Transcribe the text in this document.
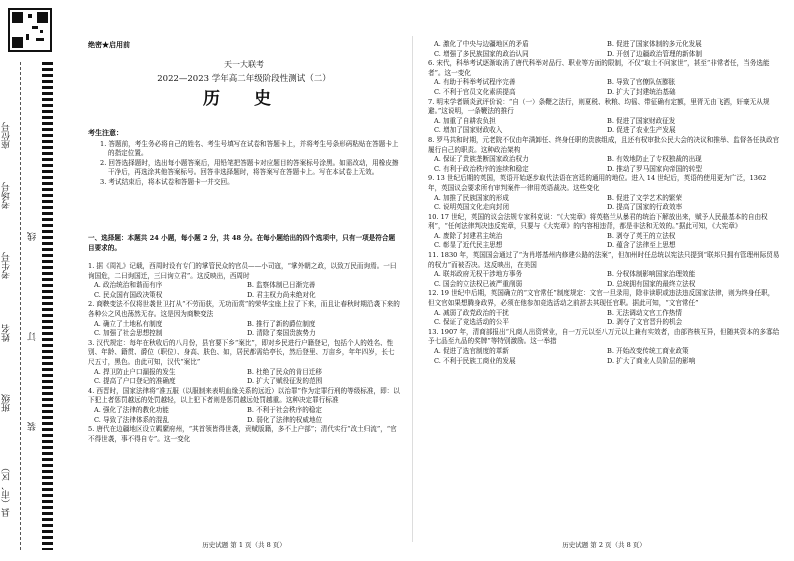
座位号
考场号
考生号
姓名
班级
县（市、区）
线
订
装
绝密★启用前
天一大联考
2022—2023 学年高二年级阶段性测试（二）
历 史
考生注意：
1. 答题前，考生务必将自己的姓名、考生号填写在试卷和答题卡上，并将考生号条形码粘贴在答题卡上的指定位置。
2. 回答选择题时，选出每小题答案后，用铅笔把答题卡对应题目的答案标号涂黑。如需改动，用橡皮擦干净后，再选涂其他答案标号。回答非选择题时，将答案写在答题卡上。写在本试卷上无效。
3. 考试结束后，将本试卷和答题卡一并交回。
一、选择题：本题共 24 小题，每小题 2 分，共 48 分。在每小题给出的四个选项中，只有一项是符合题目要求的。
1. 据《周礼》记载，西周时设有专门的掌管民众的官员——小司寇，“掌外朝之政，以致万民而询焉。一曰询国危，二曰询国迁，三曰询立君”。这反映出，西周时
A. 政治统治和谐而有序	B. 监察体制已日渐完善
C. 民众国有国政决策权	D. 君主权力尚未绝对化
2. 商鞅变法不仅将世袭世卫打从“不劳而获，无功而赏”的荣华宝座上拉了下来，而且让春秋时期沿袭下来的各种公之风也荡然无存。这是因为商鞅变法
A. 确立了土地私有制度	B. 推行了新的爵位制度
C. 加强了社会思想控制	D. 清除了秦国贵族势力
3. 汉代规定：每年在秋收后的八月份，县官要下乡“案比”，即对乡民进行户籍登记，包括个人的姓名、性别、年龄、籍贯、爵位（职位）、身高、肤色、如，居民都需给亭长，然后登里、万亩乡，年年四岁，长七尺五寸，黑色。由此可知，汉代“案比”
A. 捍卫防止户口漏报的发生	B. 杜绝了民众的肯目迁移
C. 提高了户口登记的准确度	D. 扩大了赋役征发的范围
4. 西晋时，国家法律将“准五服（以服制来表明血缘关系的远近）以治罪”作为定罪行刑的等级标准，即：以下犯上者惩罚越远的处罚越轻，以上犯下者则是惩罚越远处罚越重。这种决定罪行标准
A. 强化了法律的教化功能	B. 不利于社会秩序的稳定
C. 导致了法律体系的混乱	D. 弱化了法律的权威地位
5. 唐代在边疆地区设立羁縻府州，“其首领皆得世袭，贡赋版籍，多不上户部”；清代实行“改土归流”，“官不得世袭，事不得自专”。这一变化
历史试题 第 1 页（共 8 页）
A. 激化了中央与边疆地区的矛盾	B. 促进了国家体制的多元化发展
C. 增强了多民族国家的政治认同	D. 开创了边疆政治管理的新体制
6. 宋代，科举考试逐渐取消了唐代科举对品行、职业等方面的限制，不仅“取士不问家世”，甚至“非常者任，当务选能者”。这一变化
A. 有助于科举考试程序完善	B. 导致了官僚队伍膨胀
C. 不利于官员文化素质提高	D. 扩大了封建统治基础
7. 明末学者顾炎武评价说：“自（一）条鞭之法行，则夏税、秋粮、均徭、带征确有定额，里胥无由飞洒，奸豪无从规避。”这说明，一条鞭法的推行
A. 加重了自耕农负担	B. 促进了国家财政征发
C. 增加了国家财政收入	D. 促进了农业生产发展
8. 罗马共和时期，元老院不仅由年满卸任、终身任职的贵族组成，且还有权审批公民大会的决议和推举、监督各任执政官履行自己的职责。这种政治架构
A. 保证了贵族垄断国家政治权力	B. 有效地防止了专权独裁的出现
C. 有利于政治秩序的连续和稳定	D. 推动了罗马国家向帝国的转型
9. 13 世纪后期的英国，英语开始逐步取代法语在宫廷的通用的地位。进入 14 世纪后，英语的使用更为广泛，1362 年，英国议会要求所有审判案件一律用英语裁决。这些变化
A. 加推了民族国家的形成	B. 促进了文学艺术的繁荣
C. 说明英国文化走向封闭	D. 提高了国家的行政效率
10. 17 世纪，英国的议会法规专家科克说：“《大宪章》将英格兰从暴君的统治下解放出来，赋予人民最基本的自由权利”，“任何法律判决违反宪章，只要与《大宪章》的内容相违背，都是非法和无效的。”据此可知，《大宪章》
A. 废除了封建君主统治	B. 剥夺了英王的立法权
C. 彰显了近代民主思想	D. 蕴含了法律至上思想
11. 1830 年，英国国会通过了“为肖塔基州内修建公路的法案”，但加州时任总统以宪法只提到“联邦只拥有管理州际贸易的权力”而被否决。这反映出，在美国
A. 联邦政府无权干涉地方事务	B. 分权体制影响国家治理效能
C. 国会的立法权已被严重削弱	D. 总统拥有国家的最终立法权
12. 19 世纪中后期，英国确立的“文官常任”制度规定：文官一旦录用，除非读职或违法违反国家法律，则为终身任职，但文官如果想腾身政界，必须在他参加竞选活动之前辞去其现任官职。据此可知，“文官常任”
A. 减弱了政党政治的干扰	B. 无法调动文官工作热情
C. 保证了竞选活动的公平	D. 剥夺了文官晋升的机会
13. 1907 年，清商部报出“凡商人出资营业，自一万元以至八万元以上兼有实效者，由部咨核互异，但随其资本的多寡给予七品至九品的奖牌”等特别激励。这一举措
A. 促进了选官制度的革新	B. 开始改变传统工商业政策
C. 不利于民族工商业的发展	D. 扩大了商业人员阶层的影响
历史试题 第 2 页（共 8 页）
